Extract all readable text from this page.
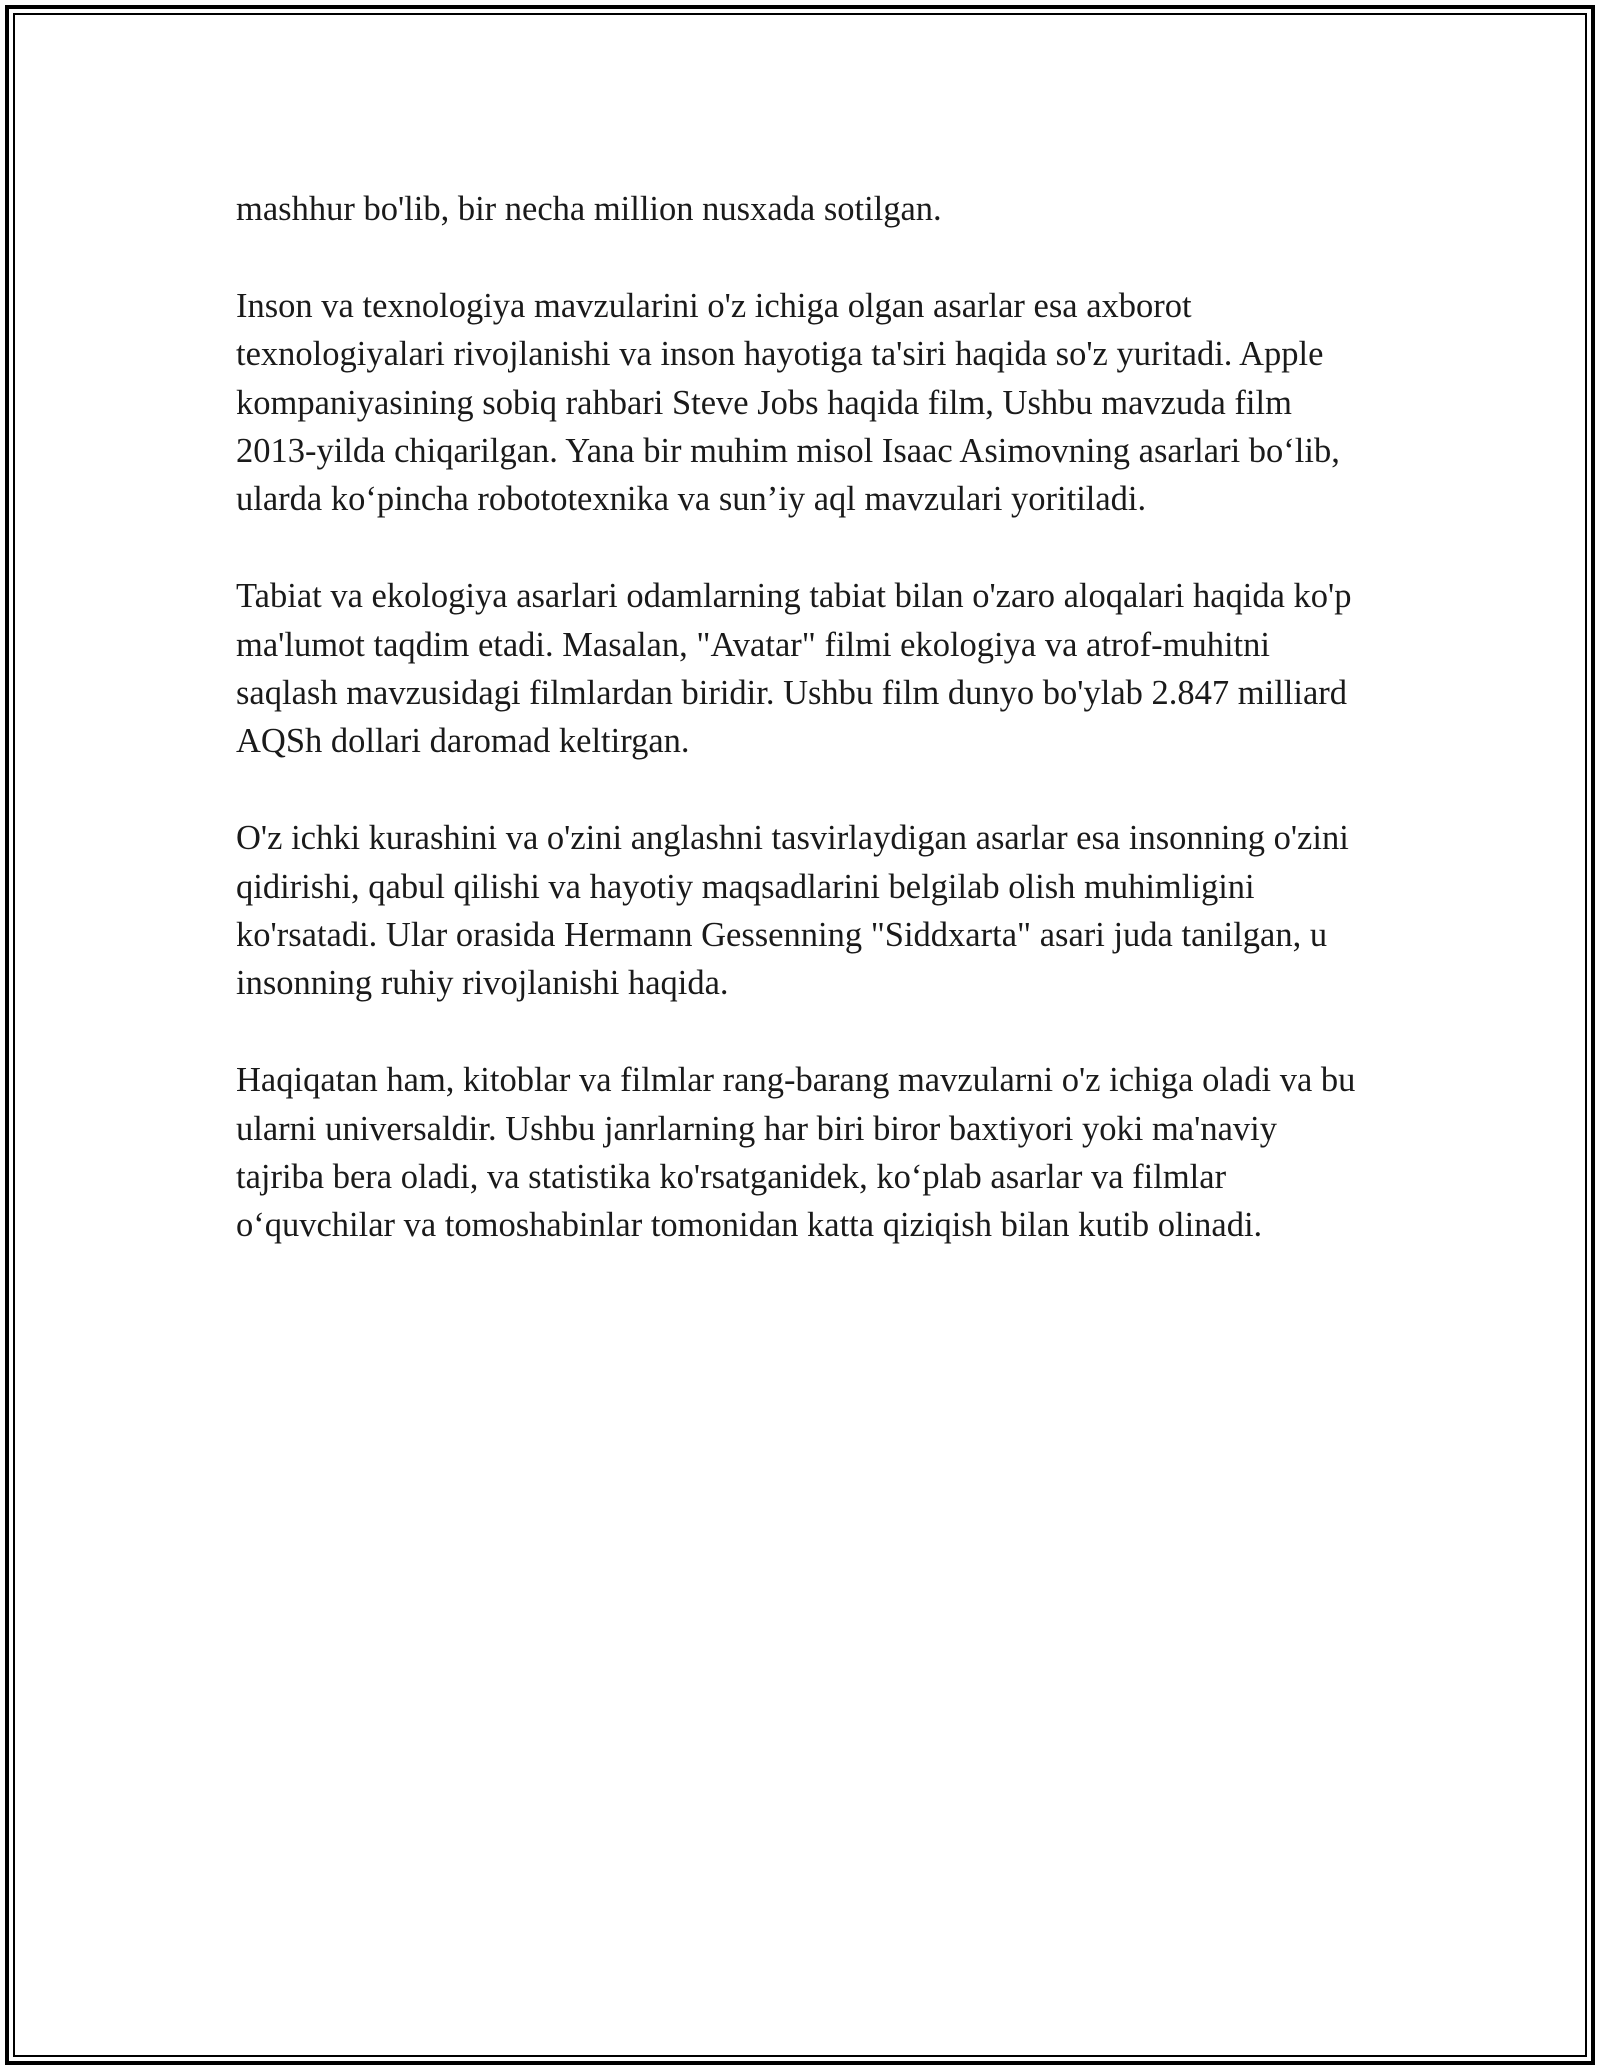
mashhur bo'lib, bir necha million nusxada sotilgan.

Inson va texnologiya mavzularini o'z ichiga olgan asarlar esa axborot texnologiyalari rivojlanishi va inson hayotiga ta'siri haqida so'z yuritadi. Apple kompaniyasining sobiq rahbari Steve Jobs haqida film, Ushbu mavzuda film 2013-yilda chiqarilgan. Yana bir muhim misol Isaac Asimovning asarlari bo‘lib, ularda ko‘pincha robototexnika va sun’iy aql mavzulari yoritiladi.

Tabiat va ekologiya asarlari odamlarning tabiat bilan o'zaro aloqalari haqida ko'p ma'lumot taqdim etadi. Masalan, "Avatar" filmi ekologiya va atrof-muhitni saqlash mavzusidagi filmlardan biridir. Ushbu film dunyo bo'ylab 2.847 milliard AQSh dollari daromad keltirgan.

O'z ichki kurashini va o'zini anglashni tasvirlaydigan asarlar esa insonning o'zini qidirishi, qabul qilishi va hayotiy maqsadlarini belgilab olish muhimligini ko'rsatadi. Ular orasida Hermann Gessenning "Siddxarta" asari juda tanilgan, u insonning ruhiy rivojlanishi haqida.

Haqiqatan ham, kitoblar va filmlar rang-barang mavzularni o'z ichiga oladi va bu ularni universaldir. Ushbu janrlarning har biri biror baxtiyori yoki ma'naviy tajriba bera oladi, va statistika ko'rsatganidek, ko‘plab asarlar va filmlar o‘quvchilar va tomoshabinlar tomonidan katta qiziqish bilan kutib olinadi.
